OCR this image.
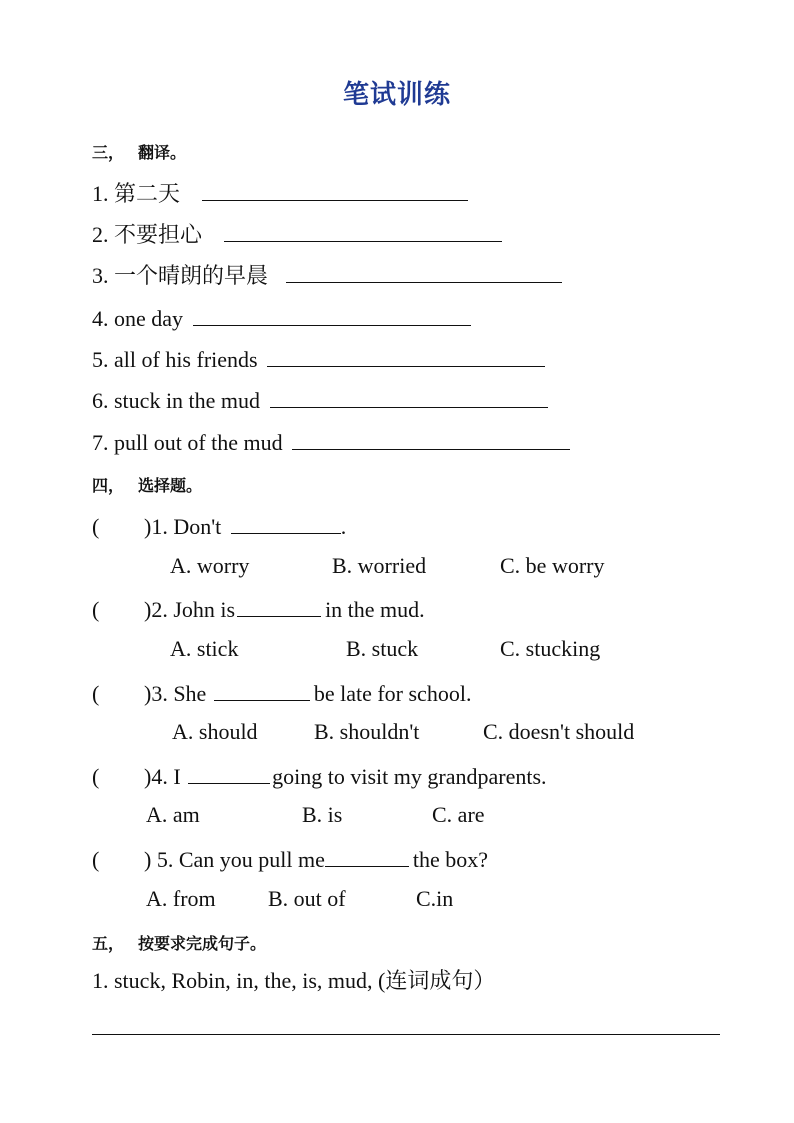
笔试训练
三， 翻译。
1. 第二天
2. 不要担心
3. 一个晴朗的早晨
4. one day
5. all of his friends
6. stuck in the mud
7. pull out of the mud
四， 选择题。
( )1. Don't	.
A. worry	B. worried	C. be worry
( )2. John is	in the mud.
A. stick	B. stuck	C. stucking
( )3. She	be late for school.
A. should	B. shouldn't	C. doesn't should
( )4. I	going to visit my grandparents.
A. am	B. is	C. are
( ) 5. Can you pull me	the box?
A. from B. out of	C.in
五， 按要求完成句子。
1. stuck, Robin, in, the, is, mud, (连词成句）
